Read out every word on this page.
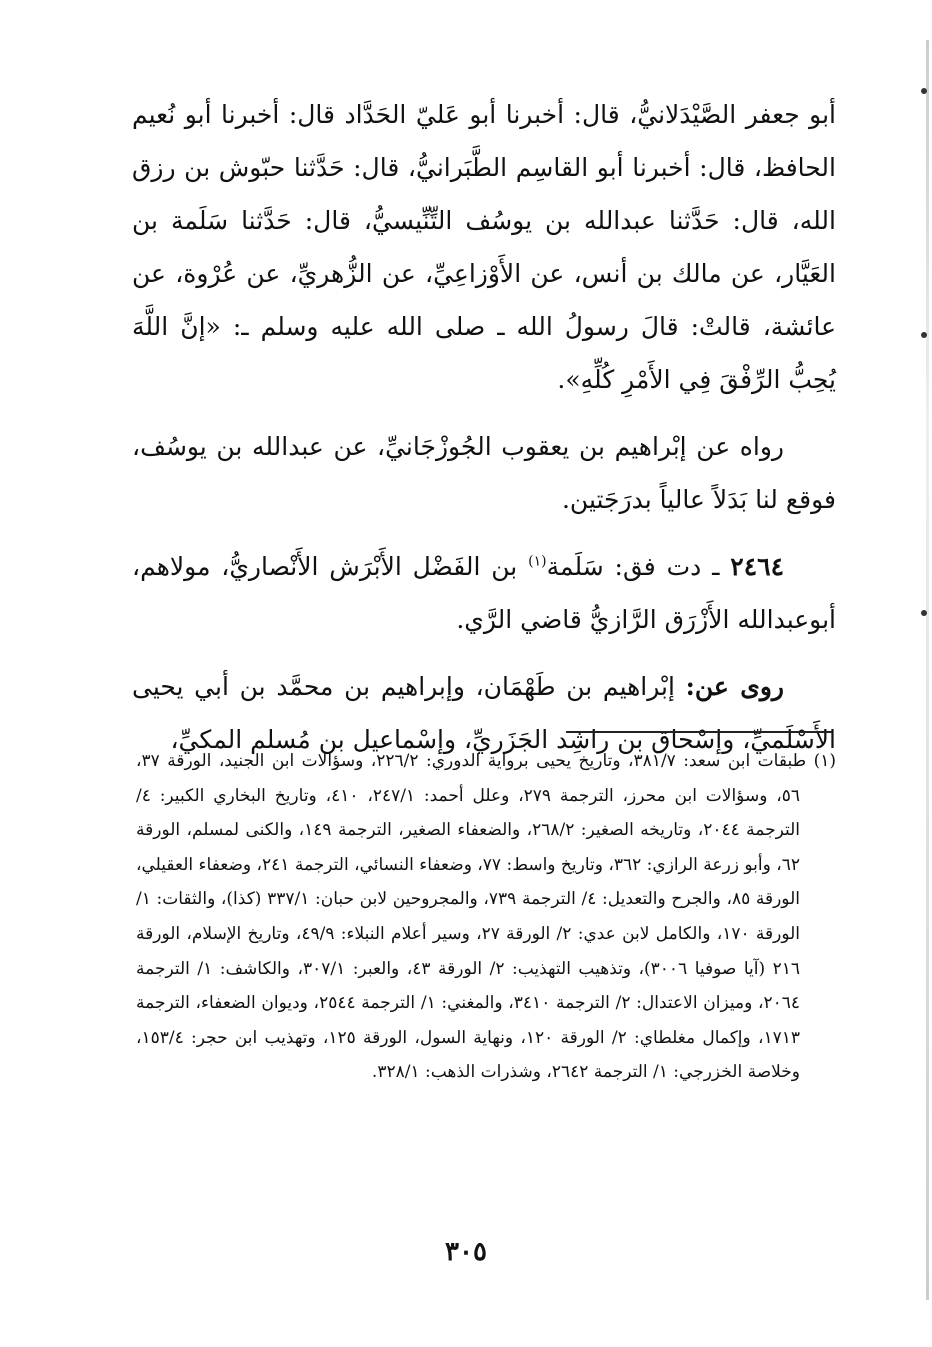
أبو جعفر الصَّيْدَلانيُّ، قال: أخبرنا أبو عَليّ الحَدَّاد قال: أخبرنا أبو نُعيم الحافظ، قال: أخبرنا أبو القاسِم الطَّبَرانيُّ، قال: حَدَّثنا حبّوش بن رزق الله، قال: حَدَّثنا عبدالله بن يوسُف التِّنِّيسيُّ، قال: حَدَّثنا سَلَمة بن العَيَّار، عن مالك بن أنس، عن الأَوْزاعِيِّ، عن الزُّهريِّ، عن عُرْوة، عن عائشة، قالتْ: قالَ رسولُ الله ـ صلى الله عليه وسلم ـ: «إنَّ اللَّهَ يُحِبُّ الرِّفْقَ فِي الأَمْرِ كُلِّهِ».

رواه عن إبْراهيم بن يعقوب الجُوزْجَانيِّ، عن عبدالله بن يوسُف، فوقع لنا بَدَلاً عالياً بدرَجَتين.

٢٤٦٤ ـ دت فق: سَلَمة$^{(١)}$ بن الفَضْل الأَبْرَش الأَنْصاريُّ، مولاهم، أبوعبدالله الأَزْرَق الرَّازيُّ قاضي الرَّي.

روى عن: إبْراهيم بن طَهْمَان، وإبراهيم بن محمَّد بن أبي يحيى الأَسْلَميِّ، وإسْحاق بن راشِد الجَزَريِّ، وإسْماعيل بن مُسلم المكيِّ،

(١) طبقات ابن سعد: ٣٨١/٧، وتاريخ يحيى برواية الدوري: ٢٢٦/٢، وسؤالات ابن الجنيد، الورقة ٣٧، ٥٦، وسؤالات ابن محرز، الترجمة ٢٧٩، وعلل أحمد: ٢٤٧/١، ٤١٠، وتاريخ البخاري الكبير: ٤/ الترجمة ٢٠٤٤، وتاريخه الصغير: ٢٦٨/٢، والضعفاء الصغير، الترجمة ١٤٩، والكنى لمسلم، الورقة ٦٢، وأبو زرعة الرازي: ٣٦٢، وتاريخ واسط: ٧٧، وضعفاء النسائي، الترجمة ٢٤١، وضعفاء العقيلي، الورقة ٨٥، والجرح والتعديل: ٤/ الترجمة ٧٣٩، والمجروحين لابن حبان: ٣٣٧/١ (كذا)، والثقات: ١/ الورقة ١٧٠، والكامل لابن عدي: ٢/ الورقة ٢٧، وسير أعلام النبلاء: ٤٩/٩، وتاريخ الإسلام، الورقة ٢١٦ (آيا صوفيا ٣٠٠٦)، وتذهيب التهذيب: ٢/ الورقة ٤٣، والعبر: ٣٠٧/١، والكاشف: ١/ الترجمة ٢٠٦٤، وميزان الاعتدال: ٢/ الترجمة ٣٤١٠، والمغني: ١/ الترجمة ٢٥٤٤، وديوان الضعفاء، الترجمة ١٧١٣، وإكمال مغلطاي: ٢/ الورقة ١٢٠، ونهاية السول، الورقة ١٢٥، وتهذيب ابن حجر: ١٥٣/٤، وخلاصة الخزرجي: ١/ الترجمة ٢٦٤٢، وشذرات الذهب: ٣٢٨/١.

٣٠٥
